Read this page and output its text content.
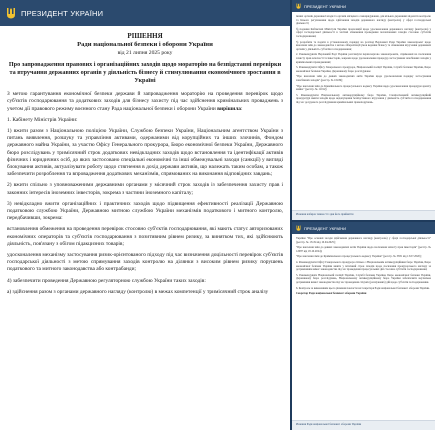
ПРЕЗИДЕНТ УКРАЇНИ
РІШЕННЯ
Ради національної безпеки і оборони України
від 21 липня 2025 року
Про запровадження правових і організаційних заходів щодо мораторію на безпідставні перевірки та втручання державних органів у діяльність бізнесу й стимулювання економічного зростання в Україні
З метою гарантування економічної безпеки держави й запровадження мораторію на проведення перевірок щодо суб'єктів господарювання та додаткових заходів для бізнесу захисту під час здійснення кримінальних проваджень з учетом дії правового режиму воєнного стану Рада національної безпеки і оборони України вирішила:
1. Кабінету Міністрів України:
1) вжити разом з Національною поліцією України, Службою безпеки України, Національним агентством України з питань виявлення, розшуку та управління активами, одержаними від корупційних та інших злочинів, Фондом державного майна України, за участю Офісу Генерального прокурора, Бюро економічної безпеки України, Державного бюро розслідувань у тримісячний строк додаткових невідкладних заходів щодо встановлення та ідентифікації активів фізичних і юридичних осіб, до яких застосовано спеціальні економічні та інші обмежувальні заходи (санкції) у вигляді блокування активів, актуалізувати роботу щодо стягнення в дохід держави активів, що належать таким особам, а також забезпечити розроблення та впровадження додаткових механізмів, спрямованих на виконання відповідних завдань;
2) вжити спільно з уповноваженими державними органами у місячний строк заходів із забезпечення захисту прав і законних інтересів іноземних інвесторів, зокрема з частини іноземного капіталу;
3) невідкладно вжити організаційних і практичних заходів щодо підвищення ефективності реалізації Державною податковою службою України, Державною митною службою України механізмів податкового і митного контролю, передбачивши, зокрема:
встановлення обмеження на проведення перевірок стосовно суб'єктів господарювання, які мають статус авторизованих економічних операторів та суб'єктів господарювання з позитивним рівнем ризику, за винятком тих, які здійснюють діяльність, пов'язану з обігом підакцизних товарів;
удосконалення механізму застосування ризик-орієнтованого підходу під час визначення доцільності перевірок суб'єктів господарської діяльності з метою спрямування заходів контролю на ділянки з високим рівнем ризику порушень податкового та митного законодавства або контрабанди;
4) забезпечити проведення Державною регуляторною службою України таких заходів:
а) здійснення разом з органами державного нагляду (контролю) в межах компетенції у тримісячний строк аналізу
ПРЕЗИДЕНТ УКРАЇНИ
інших органів державної влади та органів місцевого самоврядування, для кількох державних відомств контролю та їхнього регулювання щодо здійснення заходів державного нагляду (контролю) у сфері господарської діяльності;
б) подання Кабінетові Міністрів України пропозицій щодо удосконалення державного нагляду (контролю) у сфері господарської діяльності в частині обмеження проведення позапланових заходів стосовно суб'єктів господарювання;
5) розробити та подати в установленому порядку на розгляд Верховної Ради України законопроект щодо внесення змін до законодавства з метою лібералізації умов ведення бізнесу та обмеження втручання державних органів у діяльність суб'єктів господарювання;
2. Рекомендувати Верховній Раді України розглянути першочергово законопроекти, спрямовані на посилення захисту прав власності та інвесторів, зокрема щодо удосконалення процедур застосування запобіжних заходів у кримінальних провадженнях;
3. Рекомендувати Офісу Генерального прокурора, Національній поліції України, Службі безпеки України, Бюро економічної безпеки України, Державному бюро розслідувань:
"Про внесення змін до деяких законодавчих актів України щодо удосконалення порядку застосування запобіжних заходів" (реєстр. № 10439);
"Про внесення змін до Кримінального процесуального кодексу України щодо удосконалення процедури арешту майна" (реєстр. № 11012);
3. Рекомендувати Національному антикорупційному бюро України, Спеціалізованій антикорупційній прокуратурі вжити заходів щодо недопущення безпідставного втручання у діяльність суб'єктів господарювання під час досудового розслідування кримінальних правопорушень.
Рішення набирає чинності з дня його прийняття
ПРЕЗИДЕНТ УКРАЇНИ
України "Про основні засади здійснення державного нагляду (контролю) у сфері господарської діяльності" (реєстр. № 13134 від 10.04.2025);
"Про внесення змін до деяких законодавчих актів України щодо посилення захисту прав інвесторів" (реєстр. № 12087 від 18.10.2024);
"Про внесення змін до Кримінального процесуального кодексу України" (реєстр. № 3831 від 13.07.2020);
4. Рекомендувати Офісу Генерального прокурора спільно з Національним антикорупційним бюро України, Бюро економічної безпеки України вжити у місячний строк заходів щодо посилення прокурорського нагляду за дотриманням вимог законодавства під час проведення процесуальних дій стосовно суб'єктів господарювання;
5. Рекомендувати Національній поліції України, Службі безпеки України, Бюро економічної безпеки України, Державному бюро розслідувань, Національному антикорупційному бюро України забезпечити неухильне дотримання вимог законодавства під час проведення слідчих (розшукових) дій щодо суб'єктів господарювання.
6. Контроль за виконанням цього рішення покласти на Секретаря Ради національної безпеки і оборони України.
Секретар Ради національної безпеки і оборони України
Рішення Ради національної безпеки і оборони України
